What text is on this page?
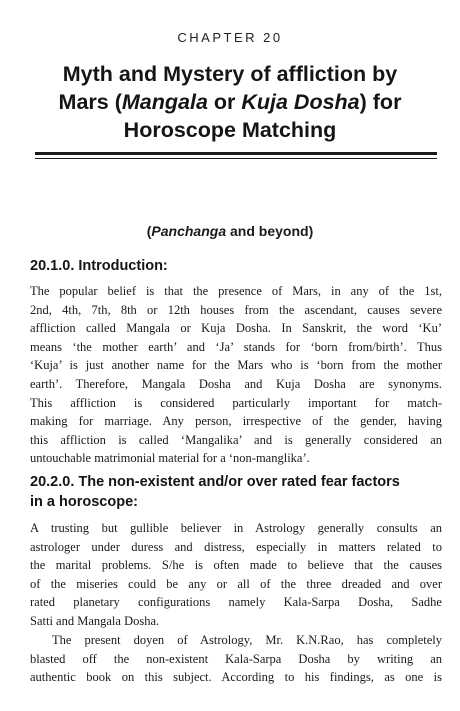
CHAPTER 20
Myth and Mystery of affliction by
Mars (Mangala or Kuja Dosha) for
Horoscope Matching
(Panchanga and beyond)
20.1.0. Introduction:
The popular belief is that the presence of Mars, in any of the 1st,
2nd, 4th, 7th, 8th or 12th houses from the ascendant, causes severe
affliction called Mangala or Kuja Dosha. In Sanskrit, the word ‘Ku’
means ‘the mother earth’ and ‘Ja’ stands for ‘born from/birth’. Thus
‘Kuja’ is just another name for the Mars who is ‘born from the mother
earth’. Therefore, Mangala Dosha and Kuja Dosha are synonyms.
This affliction is considered particularly important for match-
making for marriage. Any person, irrespective of the gender, having
this affliction is called ‘Mangalika’ and is generally considered an
untouchable matrimonial material for a ‘non-manglika’.
20.2.0. The non-existent and/or over rated fear factors
in a horoscope:
A trusting but gullible believer in Astrology generally consults an
astrologer under duress and distress, especially in matters related to
the marital problems. S/he is often made to believe that the causes
of the miseries could be any or all of the three dreaded and over
rated planetary configurations namely Kala-Sarpa Dosha, Sadhe
Satti and Mangala Dosha.
The present doyen of Astrology, Mr. K.N.Rao, has completely
blasted off the non-existent Kala-Sarpa Dosha by writing an
authentic book on this subject. According to his findings, as one is
